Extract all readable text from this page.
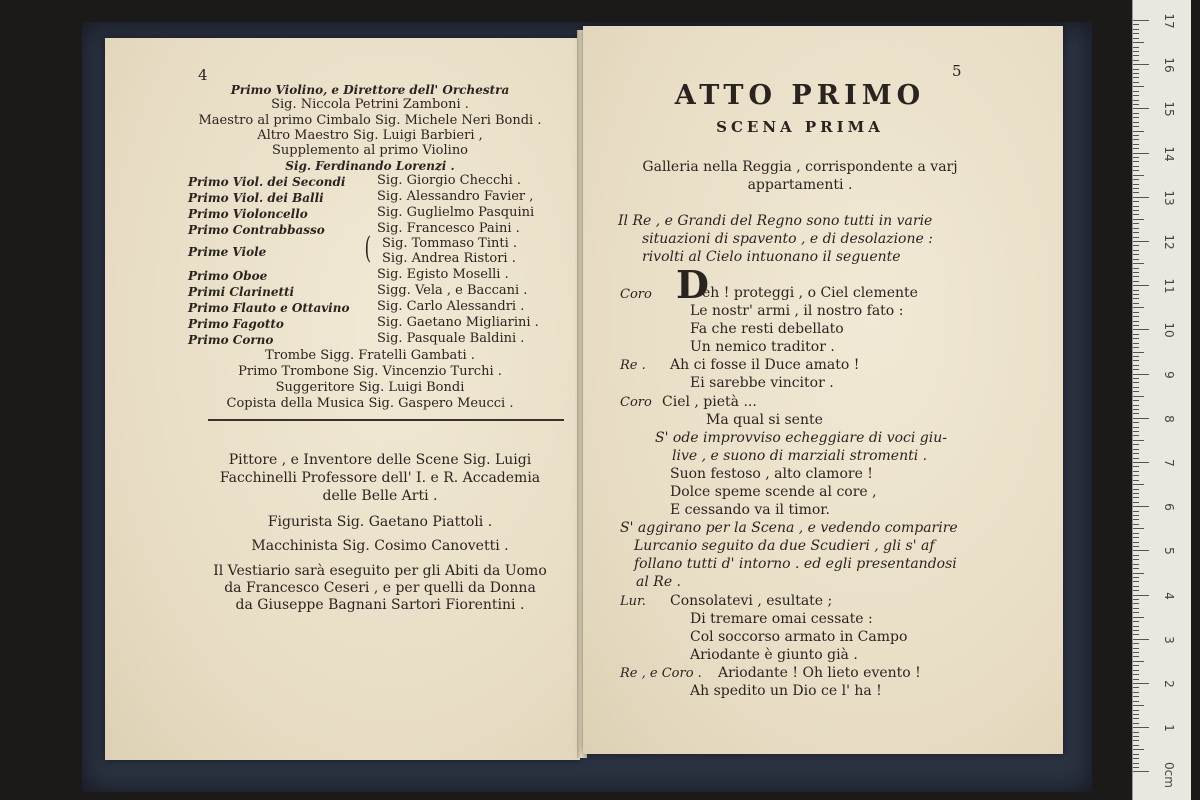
4
Primo Violino, e Direttore dell' Orchestra
Sig. Niccola Petrini Zamboni .
Maestro al primo Cimbalo Sig. Michele Neri Bondi .
Altro Maestro Sig. Luigi Barbieri ,
Supplemento al primo Violino
Sig. Ferdinando Lorenzi .
Primo Viol. dei Secondi Sig. Giorgio Checchi .
Primo Viol. dei Balli	Sig. Alessandro Favier ,
Primo Violoncello	Sig. Guglielmo Pasquini
Primo Contrabbasso	Sig. Francesco Paini .
Prime Viole	( Sig. Tommaso Tinti .
Sig. Andrea Ristori .
Primo Oboe	Sig. Egisto Moselli .
Primi Clarinetti	Sigg. Vela , e Baccani .
Primo Flauto e Ottavino Sig. Carlo Alessandri .
Primo Fagotto	Sig. Gaetano Migliarini .
Primo Corno	Sig. Pasquale Baldini .
Trombe Sigg. Fratelli Gambati .
Primo Trombone Sig. Vincenzio Turchi .
Suggeritore Sig. Luigi Bondi
Copista della Musica Sig. Gaspero Meucci .
Pittore , e Inventore delle Scene Sig. Luigi
Facchinelli Professore dell' I. e R. Accademia
delle Belle Arti .
Figurista Sig. Gaetano Piattoli .
Macchinista Sig. Cosimo Canovetti .
Il Vestiario sarà eseguito per gli Abiti da Uomo
da Francesco Ceseri , e per quelli da Donna
da Giuseppe Bagnani Sartori Fiorentini .
5
ATTO PRIMO
SCENA PRIMA
Galleria nella Reggia , corrispondente a varj
appartamenti .
Il Re , e Grandi del Regno sono tutti in varie
situazioni di spavento , e di desolazione :
rivolti al Cielo intuonano il seguente
Coro D
eh ! proteggi , o Ciel clemente
Le nostr' armi , il nostro fato :
Fa che resti debellato
Un nemico traditor .
Re . Ah ci fosse il Duce amato !
Ei sarebbe vincitor .
Coro Ciel , pietà ...
Ma qual si sente
S' ode improvviso echeggiare di voci giu-
live , e suono di marziali stromenti .
Suon festoso , alto clamore !
Dolce speme scende al core ,
E cessando va il timor.
S' aggirano per la Scena , e vedendo comparire
Lurcanio seguito da due Scudieri , gli s' af
follano tutti d' intorno . ed egli presentandosi
al Re .
Lur. Consolatevi , esultate ;
Di tremare omai cessate :
Col soccorso armato in Campo
Ariodante è giunto già .
Re , e Coro . Ariodante ! Oh lieto evento !
Ah spedito un Dio ce l' ha !
17
16
15
14
13
12
11
10
9
8
7
6
5
4
3
2
1
0cm
